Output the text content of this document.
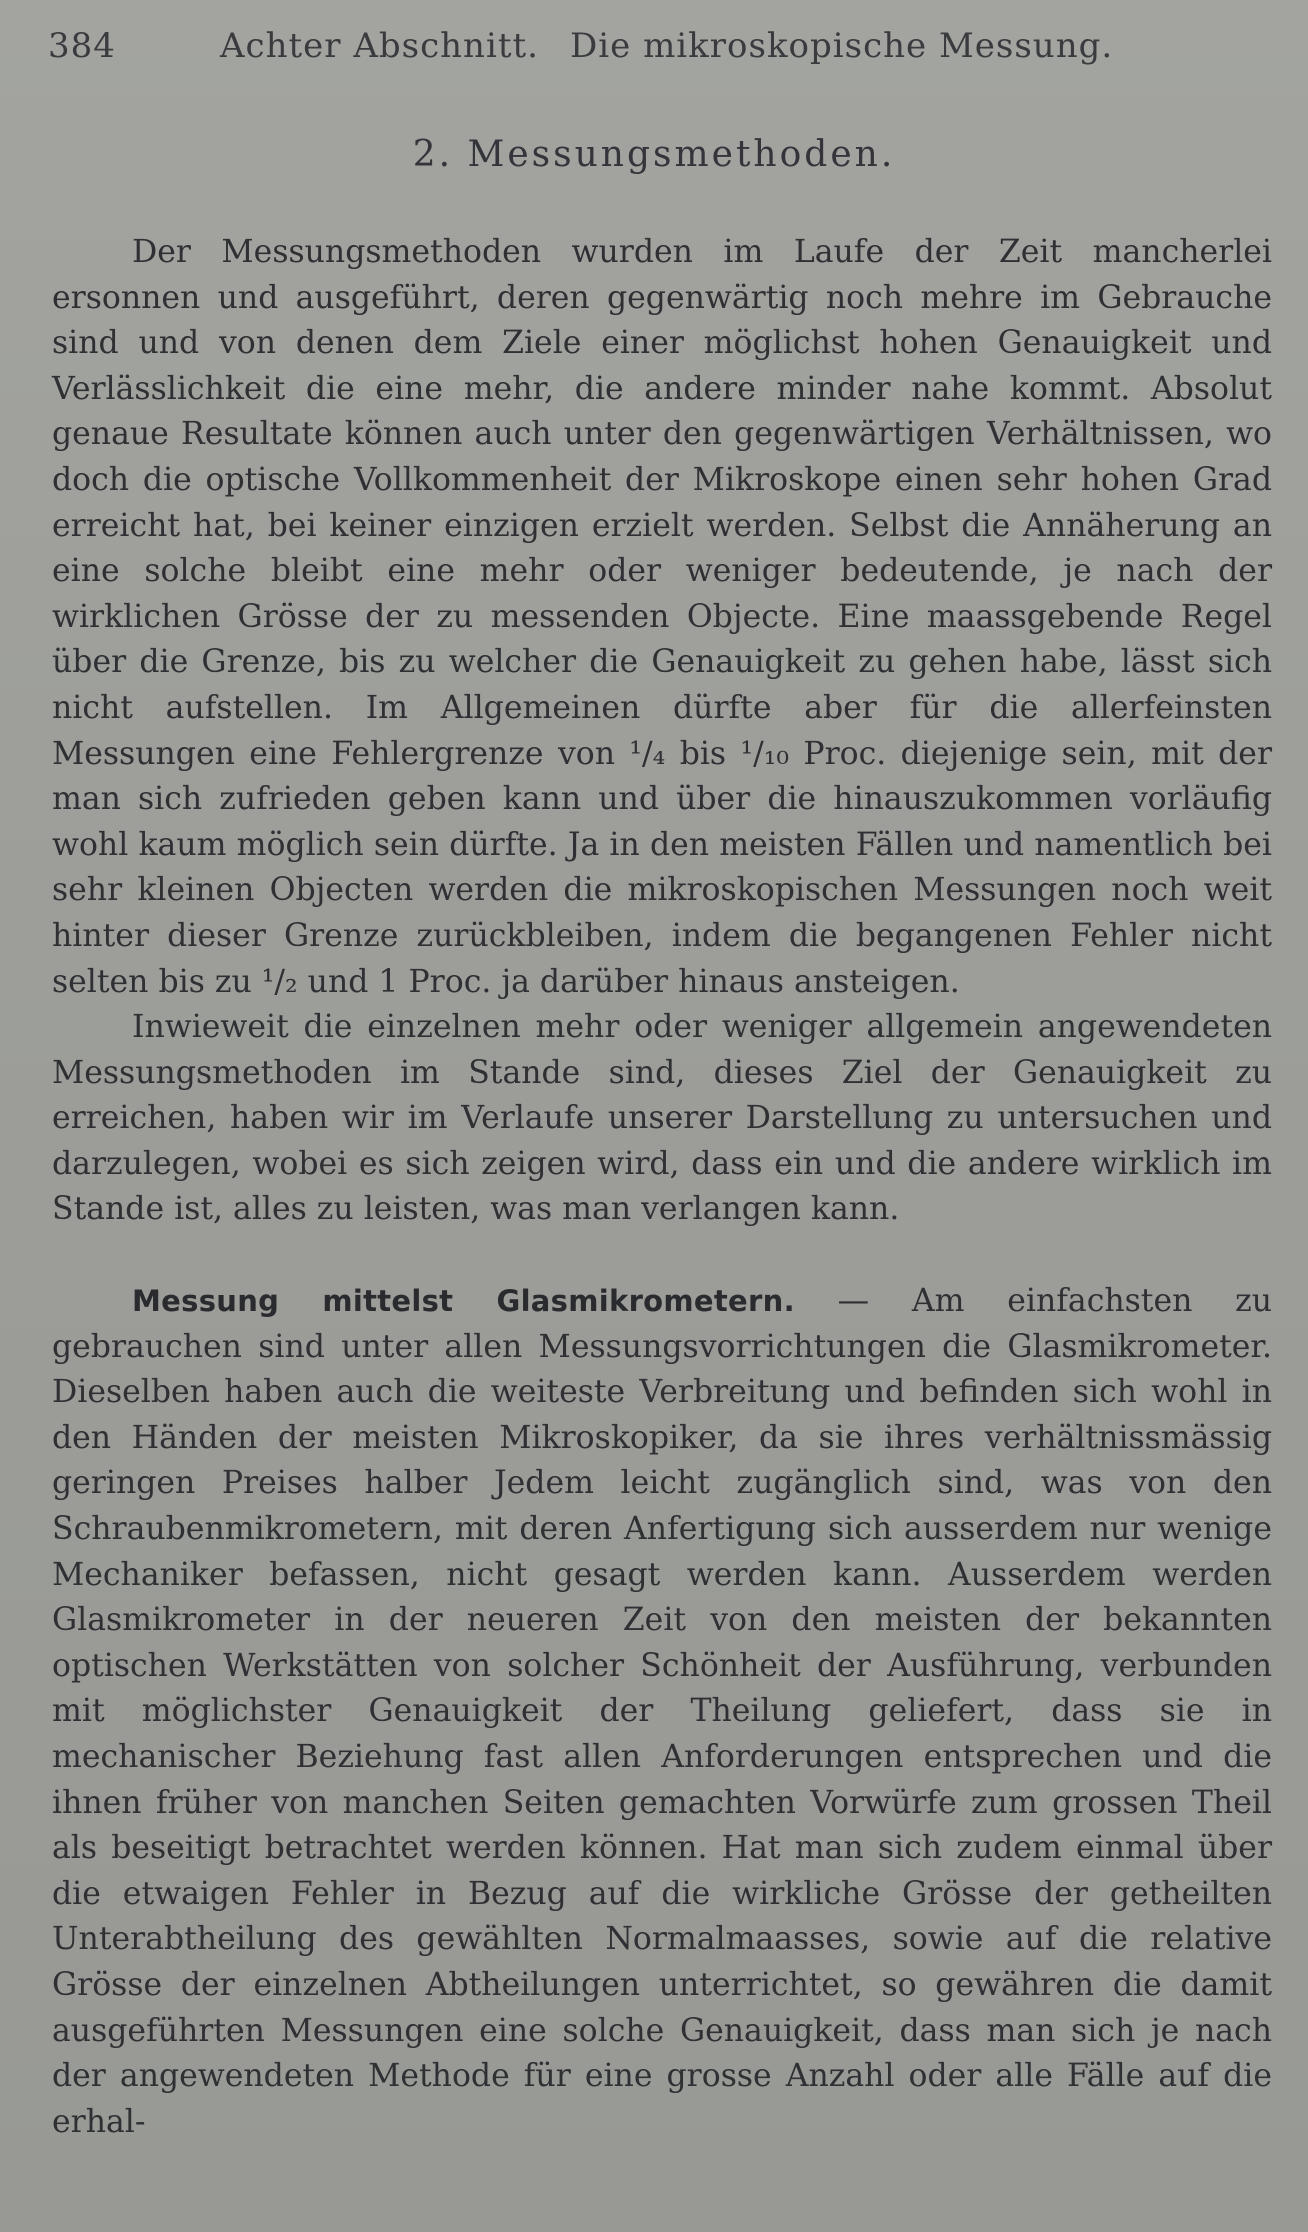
384	Achter Abschnitt. Die mikroskopische Messung.
2. Messungsmethoden.

Der Messungsmethoden wurden im Laufe der Zeit mancherlei ersonnen und ausgeführt, deren gegenwärtig noch mehre im Gebrauche sind und von denen dem Ziele einer möglichst hohen Genauigkeit und Verlässlichkeit die eine mehr, die andere minder nahe kommt. Absolut genaue Resultate können auch unter den gegenwärtigen Verhältnissen, wo doch die optische Vollkommenheit der Mikroskope einen sehr hohen Grad erreicht hat, bei keiner einzigen erzielt werden. Selbst die Annäherung an eine solche bleibt eine mehr oder weniger bedeutende, je nach der wirklichen Grösse der zu messenden Objecte. Eine maassgebende Regel über die Grenze, bis zu welcher die Genauigkeit zu gehen habe, lässt sich nicht aufstellen. Im Allgemeinen dürfte aber für die allerfeinsten Messungen eine Fehlergrenze von ¹/₄ bis ¹/₁₀ Proc. diejenige sein, mit der man sich zufrieden geben kann und über die hinauszukommen vorläufig wohl kaum möglich sein dürfte. Ja in den meisten Fällen und namentlich bei sehr kleinen Objecten werden die mikroskopischen Messungen noch weit hinter dieser Grenze zurückbleiben, indem die begangenen Fehler nicht selten bis zu ¹/₂ und 1 Proc. ja darüber hinaus ansteigen.

Inwieweit die einzelnen mehr oder weniger allgemein angewendeten Messungsmethoden im Stande sind, dieses Ziel der Genauigkeit zu erreichen, haben wir im Verlaufe unserer Darstellung zu untersuchen und darzulegen, wobei es sich zeigen wird, dass ein und die andere wirklich im Stande ist, alles zu leisten, was man verlangen kann.

Messung mittelst Glasmikrometern. — Am einfachsten zu gebrauchen sind unter allen Messungsvorrichtungen die Glasmikrometer. Dieselben haben auch die weiteste Verbreitung und befinden sich wohl in den Händen der meisten Mikroskopiker, da sie ihres verhältnissmässig geringen Preises halber Jedem leicht zugänglich sind, was von den Schraubenmikrometern, mit deren Anfertigung sich ausserdem nur wenige Mechaniker befassen, nicht gesagt werden kann. Ausserdem werden Glasmikrometer in der neueren Zeit von den meisten der bekannten optischen Werkstätten von solcher Schönheit der Ausführung, verbunden mit möglichster Genauigkeit der Theilung geliefert, dass sie in mechanischer Beziehung fast allen Anforderungen entsprechen und die ihnen früher von manchen Seiten gemachten Vorwürfe zum grossen Theil als beseitigt betrachtet werden können. Hat man sich zudem einmal über die etwaigen Fehler in Bezug auf die wirkliche Grösse der getheilten Unterabtheilung des gewählten Normalmaasses, sowie auf die relative Grösse der einzelnen Abtheilungen unterrichtet, so gewähren die damit ausgeführten Messungen eine solche Genauigkeit, dass man sich je nach der angewendeten Methode für eine grosse Anzahl oder alle Fälle auf die erhal-
